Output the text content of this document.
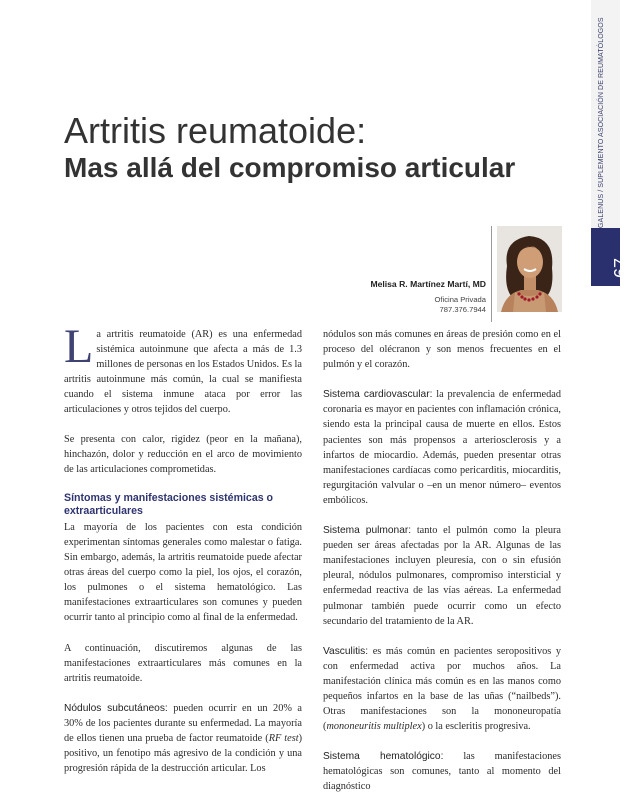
GALENUS / SUPLEMENTO ASOCIACIÓN DE REUMATÓLOGOS
67
Artritis reumatoide:
Mas allá del compromiso articular
Melisa R. Martínez Martí, MD
Oficina Privada
787.376.7944

La artritis reumatoide (AR) es una enfermedad sistémica autoinmune que afecta a más de 1.3 millones de personas en los Estados Unidos. Es la artritis autoinmune más común, la cual se manifiesta cuando el sistema inmune ataca por error las articulaciones y otros tejidos del cuerpo.

Se presenta con calor, rigidez (peor en la mañana), hinchazón, dolor y reducción en el arco de movimiento de las articulaciones comprometidas.

Síntomas y manifestaciones sistémicas o extraarticulares

La mayoría de los pacientes con esta condición experimentan síntomas generales como malestar o fatiga. Sin embargo, además, la artritis reumatoide puede afectar otras áreas del cuerpo como la piel, los ojos, el corazón, los pulmones o el sistema hematológico. Las manifestaciones extraarticulares son comunes y pueden ocurrir tanto al principio como al final de la enfermedad.

A continuación, discutiremos algunas de las manifestaciones extraarticulares más comunes en la artritis reumatoide.

Nódulos subcutáneos: pueden ocurrir en un 20% a 30% de los pacientes durante su enfermedad. La mayoría de ellos tienen una prueba de factor reumatoide (RF test) positivo, un fenotipo más agresivo de la condición y una progresión rápida de la destrucción articular. Los

nódulos son más comunes en áreas de presión como en el proceso del olécranon y son menos frecuentes en el pulmón y el corazón.

Sistema cardiovascular: la prevalencia de enfermedad coronaria es mayor en pacientes con inflamación crónica, siendo esta la principal causa de muerte en ellos. Estos pacientes son más propensos a arteriosclerosis y a infartos de miocardio. Además, pueden presentar otras manifestaciones cardíacas como pericarditis, miocarditis, regurgitación valvular o –en un menor número– eventos embólicos.

Sistema pulmonar: tanto el pulmón como la pleura pueden ser áreas afectadas por la AR. Algunas de las manifestaciones incluyen pleuresía, con o sin efusión pleural, nódulos pulmonares, compromiso intersticial y enfermedad reactiva de las vías aéreas. La enfermedad pulmonar también puede ocurrir como un efecto secundario del tratamiento de la AR.

Vasculitis: es más común en pacientes seropositivos y con enfermedad activa por muchos años. La manifestación clínica más común es en las manos como pequeños infartos en la base de las uñas (“nailbeds”). Otras manifestaciones son la mononeuropatía (mononeuritis multiplex) o la escleritis progresiva.

Sistema hematológico: las manifestaciones hematológicas son comunes, tanto al momento del diagnóstico
